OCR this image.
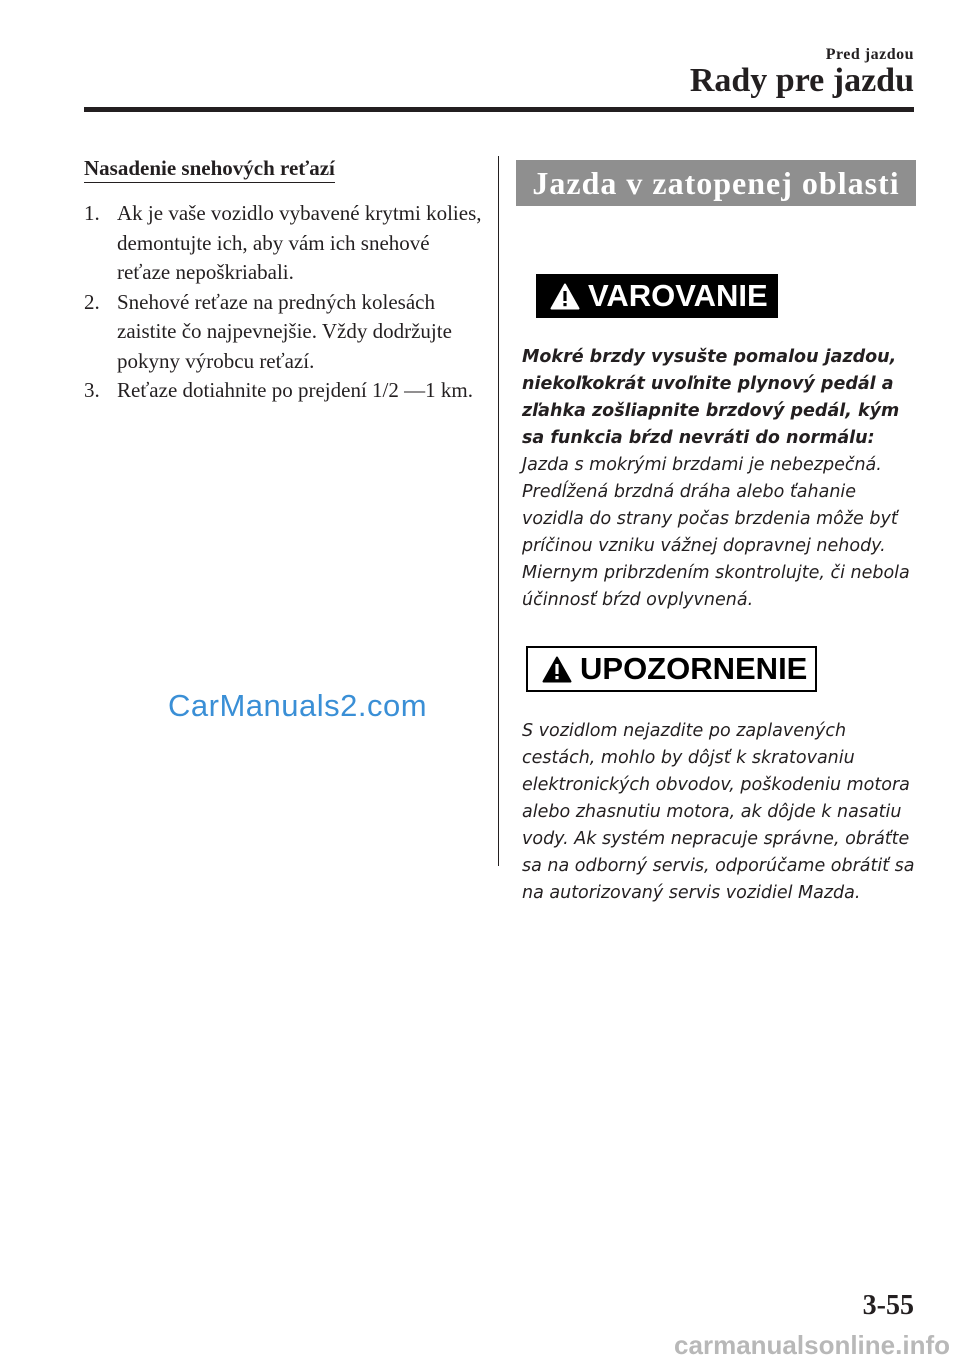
Pred jazdou
Rady pre jazdu
Nasadenie snehových reťazí
1. Ak je vaše vozidlo vybavené krytmi kolies, demontujte ich, aby vám ich snehové reťaze nepoškriabali.
2. Snehové reťaze na predných kolesách zaistite čo najpevnejšie. Vždy dodržujte pokyny výrobcu reťazí.
3. Reťaze dotiahnite po prejdení 1/2 —1 km.
Jazda v zatopenej oblasti
VAROVANIE

Mokré brzdy vysušte pomalou jazdou, niekoľkokrát uvoľnite plynový pedál a zľahka zošliapnite brzdový pedál, kým sa funkcia bŕzd nevráti do normálu:

Jazda s mokrými brzdami je nebezpečná. Predĺžená brzdná dráha alebo ťahanie vozidla do strany počas brzdenia môže byť príčinou vzniku vážnej dopravnej nehody. Miernym pribrzdením skontrolujte, či nebola účinnosť bŕzd ovplyvnená.

UPOZORNENIE

S vozidlom nejazdite po zaplavených cestách, mohlo by dôjsť k skratovaniu elektronických obvodov, poškodeniu motora alebo zhasnutiu motora, ak dôjde k nasatiu vody. Ak systém nepracuje správne, obráťte sa na odborný servis, odporúčame obrátiť sa na autorizovaný servis vozidiel Mazda.

CarManuals2.com
3-55
carmanualsonline.info
